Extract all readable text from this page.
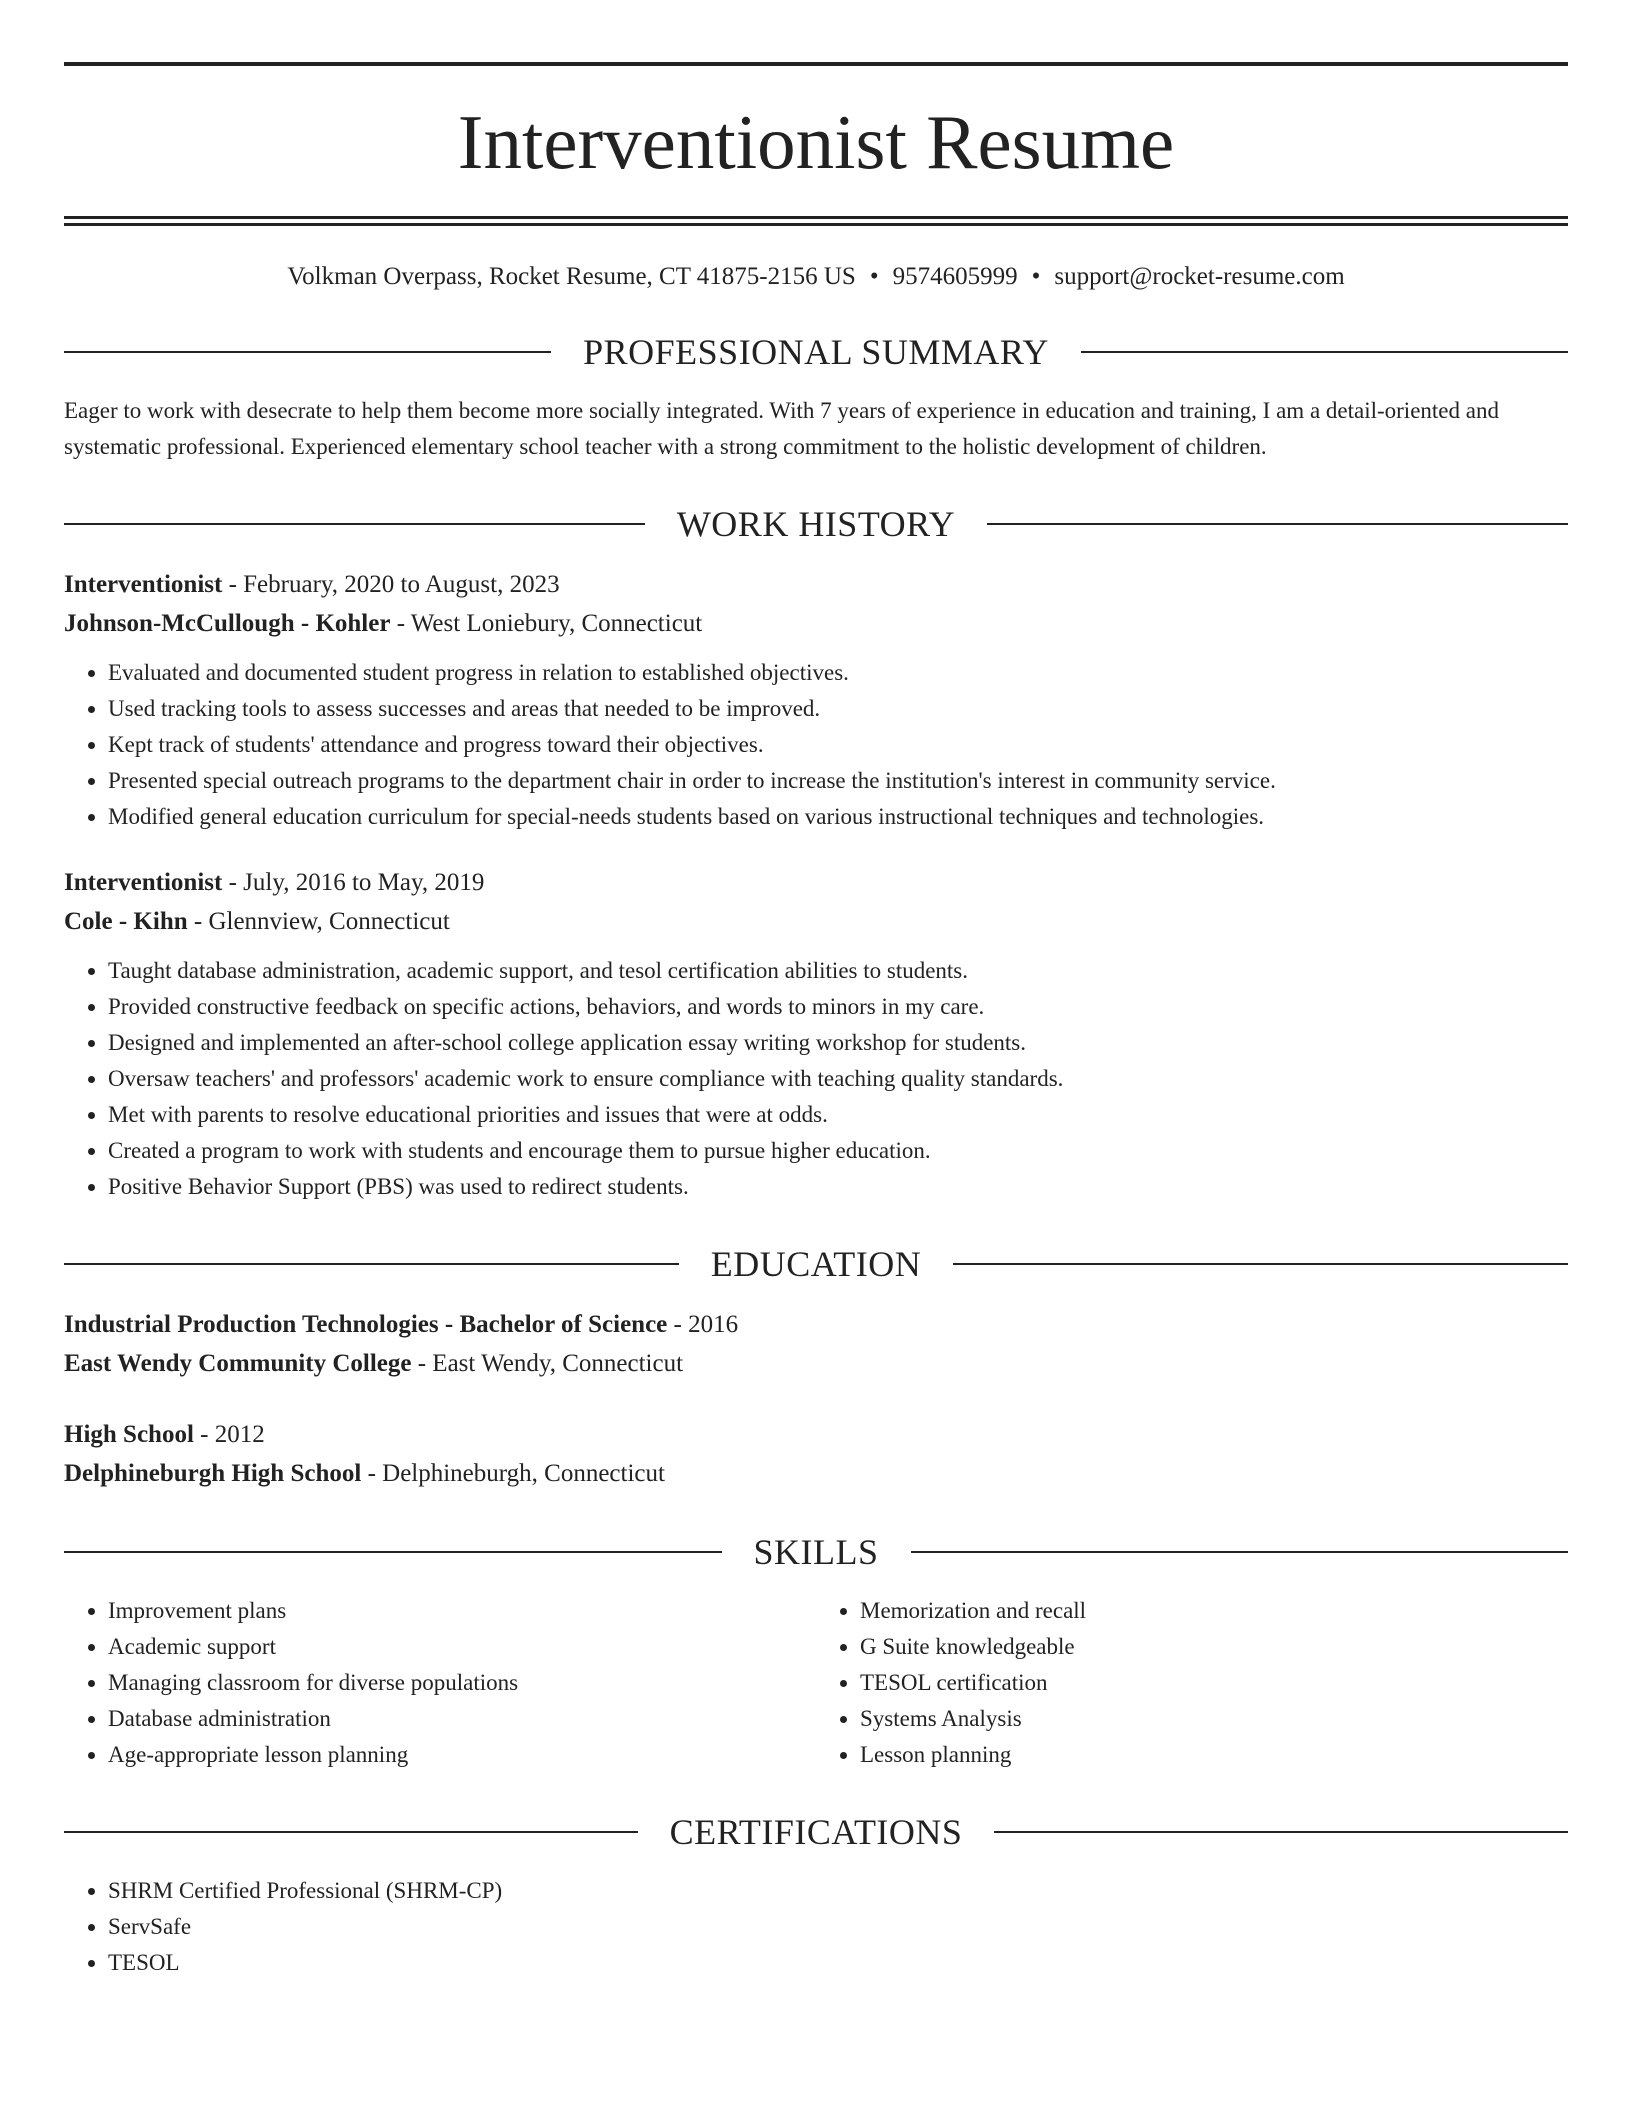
Interventionist Resume
Volkman Overpass, Rocket Resume, CT 41875-2156 US • 9574605999 • support@rocket-resume.com
PROFESSIONAL SUMMARY

Eager to work with desecrate to help them become more socially integrated. With 7 years of experience in education and training, I am a detail-oriented and systematic professional. Experienced elementary school teacher with a strong commitment to the holistic development of children.

WORK HISTORY
Interventionist - February, 2020 to August, 2023
Johnson-McCullough - Kohler - West Loniebury, Connecticut
• Evaluated and documented student progress in relation to established objectives.
• Used tracking tools to assess successes and areas that needed to be improved.
• Kept track of students' attendance and progress toward their objectives.
• Presented special outreach programs to the department chair in order to increase the institution's interest in community service.
• Modified general education curriculum for special-needs students based on various instructional techniques and technologies.
Interventionist - July, 2016 to May, 2019
Cole - Kihn - Glennview, Connecticut
• Taught database administration, academic support, and tesol certification abilities to students.
• Provided constructive feedback on specific actions, behaviors, and words to minors in my care.
• Designed and implemented an after-school college application essay writing workshop for students.
• Oversaw teachers' and professors' academic work to ensure compliance with teaching quality standards.
• Met with parents to resolve educational priorities and issues that were at odds.
• Created a program to work with students and encourage them to pursue higher education.
• Positive Behavior Support (PBS) was used to redirect students.
EDUCATION
Industrial Production Technologies - Bachelor of Science - 2016
East Wendy Community College - East Wendy, Connecticut
High School - 2012
Delphineburgh High School - Delphineburgh, Connecticut
SKILLS
• Improvement plans
• Academic support
• Managing classroom for diverse populations
• Database administration
• Age-appropriate lesson planning
• Memorization and recall
• G Suite knowledgeable
• TESOL certification
• Systems Analysis
• Lesson planning
CERTIFICATIONS
• SHRM Certified Professional (SHRM-CP)
• ServSafe
• TESOL
